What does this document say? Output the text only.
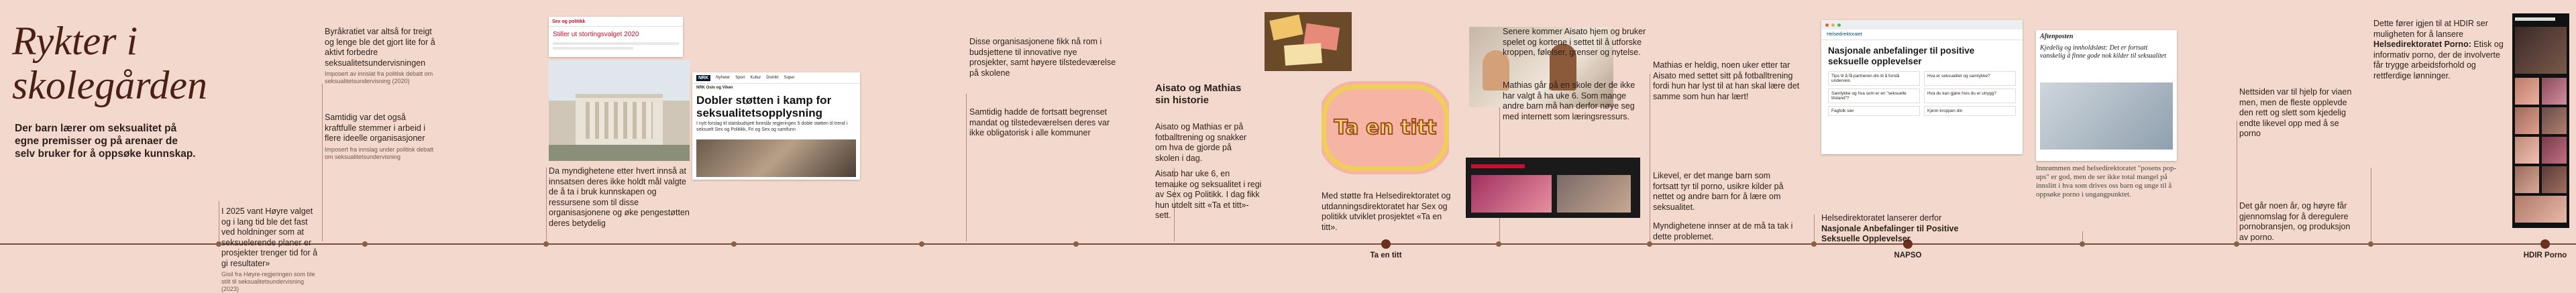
Rykter i
skolegården
Der barn lærer om seksualitet på egne premisser og på arenaer de selv bruker for å oppsøke kunnskap.
Ta en titt	NAPSO	HDIR Porno
I 2025 vant Høyre valget og i lang tid ble det fast ved holdninger som at seksuelerende planer er prosjekter trenger tid for å gi resultater»
Gisil fra Høyre-regjeringen som ble stilt til seksualitetsundervisning (2023)
Byråkratiet var altså for treigt og lenge ble det gjort lite for å aktivt forbedre seksualitetsundervisningen
Imposert av innslat fra politisk debatt om seksualitetsundervisning (2020)
Samtidig var det også kraftfulle stemmer i arbeid i flere ideelle organisasjoner
Imposert fra innslag under politisk debatt om seksualitetsundervisning
Sex og politikk
Stiller ut stortingsvalget 2020
NRK	Nyheter Sport Kultur Distrikt Super
NRK Oslo og Viken
Dobler støtten i kamp for seksualitetsopplysning
I nytt forslag til statsbudsjett foreslår regjeringen 5 doble støtten til trend i seksuelt Sex og Politikk, Fri og Sex og samfunn
Da myndighetene etter hvert innså at innsatsen deres ikke holdt mål valgte de å ta i bruk kunnskapen og ressursene som til disse organisasjonene og øke pengestøtten deres betydelig
Disse organisasjonene fikk nå rom i budsjettene til innovative nye prosjekter, samt høyere tilstedeværelse på skolene
Samtidig hadde de fortsatt begrenset mandat og tilstedeværelsen deres var ikke obligatorisk i alle kommuner
Aisato og Mathias sin historie
Aisato og Mathias er på fotballtrening og snakker om hva de gjorde på skolen i dag.
Aisato har uke 6, en temauke og seksualitet i regi av Sex og Politikk. I dag fikk hun utdelt sitt «Ta et titt»-sett.
Ta en titt
Med støtte fra Helsedirektoratet og utdanningsdirektoratet har Sex og politikk utviklet prosjektet «Ta en titt».
Senere kommer Aisato hjem og bruker spelet og kortene i settet til å utforske kroppen, følelser, grenser og nytelse.
Mathias går på en skole der de ikke har valgt å ha uke 6. Som mange andre barn må han derfor nøye seg med internett som læringsressurs.
Mathias er heldig, noen uker etter tar Aisato med settet sitt på fotballtrening fordi hun har lyst til at han skal lære det samme som hun har lært!
Likevel, er det mange barn som fortsatt tyr til porno, usikre kilder på nettet og andre barn for å lære om seksualitet.
Myndighetene innser at de må ta tak i dette problemet.
Helsedirektoratet
Nasjonale anbefalinger til positive seksuelle opplevelser
Tips til å få partneren din til å forstå underveis
Hva er seksualitet og samtykke?
Samtykke og hva som er en "seksuelle tilstand"?
Hva du kan gjøre hvis du er utrygg?
Fagfolk sier	Kjenn kroppen din
Helsedirektoratet lanserer derfor Nasjonale Anbefalinger til Positive Seksuelle Opplevelser
Aftenposten
Kjedelig og innholdsløst: Det er fortsatt vanskelig å finne gode nok kilder til seksualitet
Innrømmen med helsedirektoratet "posens pop-ups" er god, men de ser ikke total mangel på innslitt i hva som drives oss barn og unge til å oppsøke porno i ungangpunktet.
Nettsiden var til hjelp for viaen men, men de fleste opplevde den rett og slett som kjedelig endte likevel opp med å se porno
Det går noen år, og høyre får gjennomslag for å deregulere pornobransjen, og produksjon av porno.
Dette fører igjen til at HDIR ser muligheten for å lansere Helsedirektoratet Porno: Etisk og informativ porno, der de involverte får trygge arbeidsforhold og rettferdige lønninger.
